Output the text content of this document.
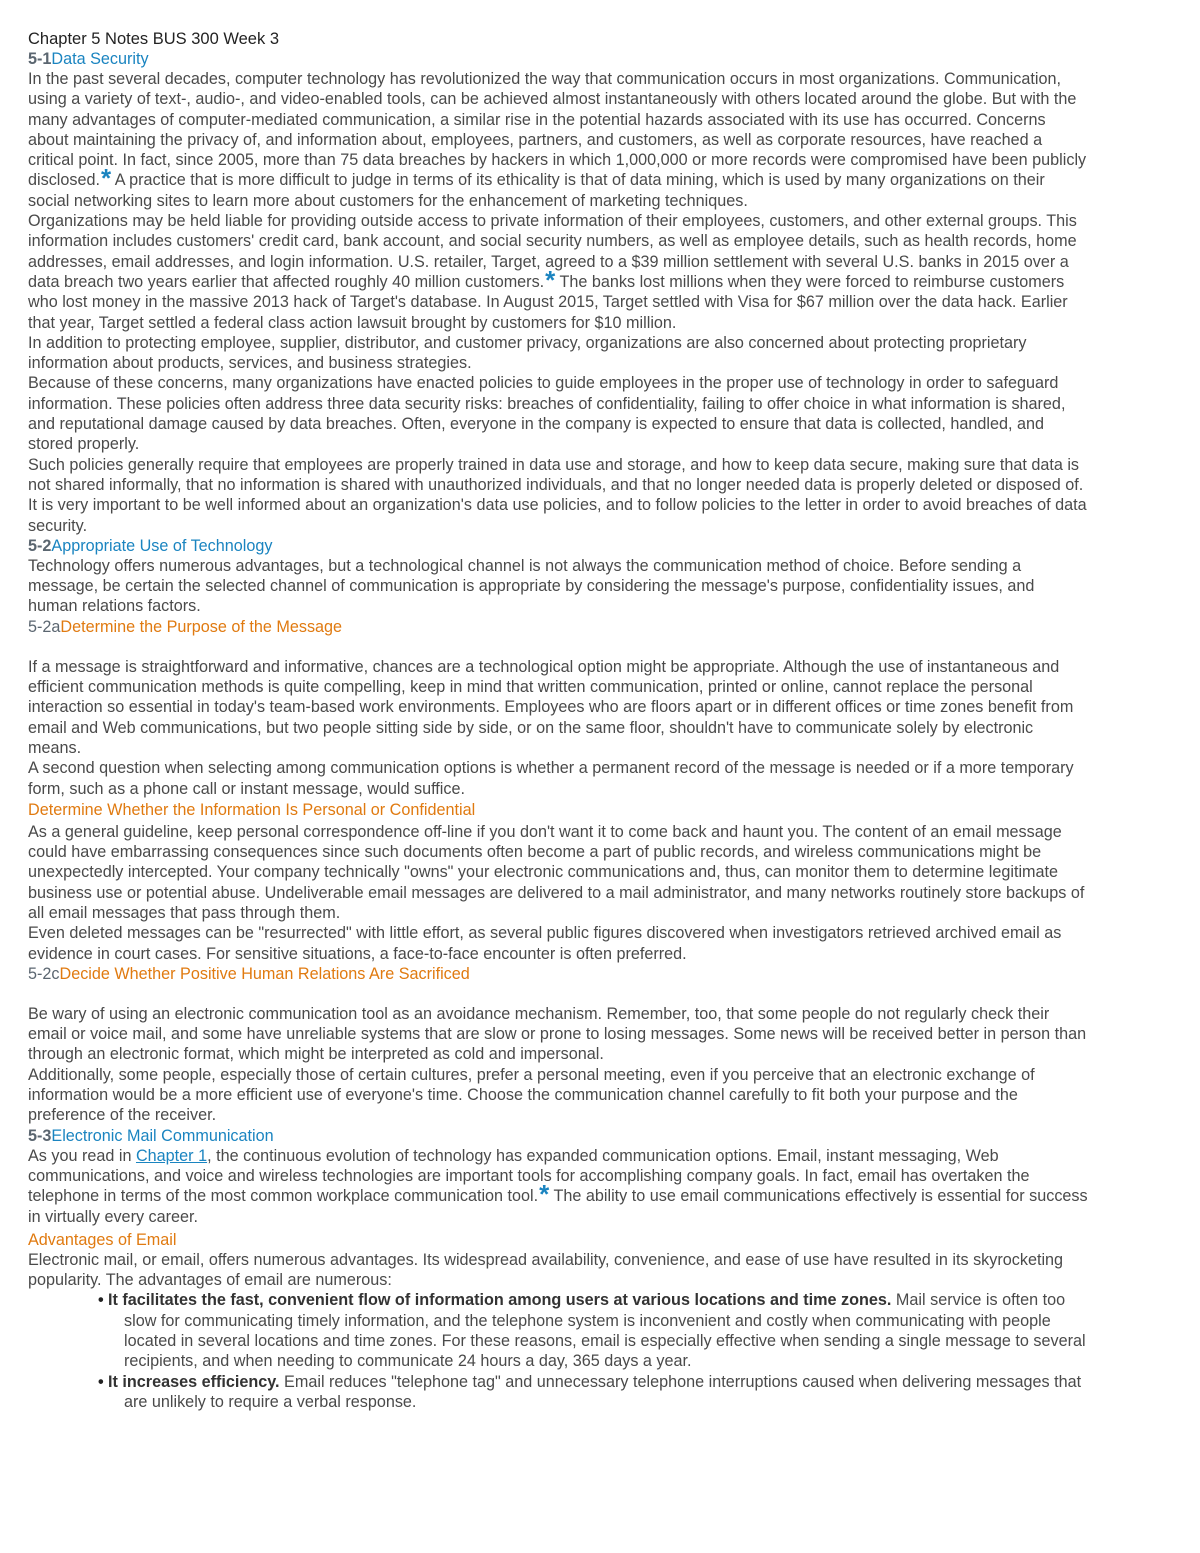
Chapter 5 Notes BUS 300 Week 3

5-1Data Security

In the past several decades, computer technology has revolutionized the way that communication occurs in most organizations. Communication, using a variety of text-, audio-, and video-enabled tools, can be achieved almost instantaneously with others located around the globe. But with the many advantages of computer-mediated communication, a similar rise in the potential hazards associated with its use has occurred. Concerns about maintaining the privacy of, and information about, employees, partners, and customers, as well as corporate resources, have reached a critical point. In fact, since 2005, more than 75 data breaches by hackers in which 1,000,000 or more records were compromised have been publicly disclosed.* A practice that is more difficult to judge in terms of its ethicality is that of data mining, which is used by many organizations on their social networking sites to learn more about customers for the enhancement of marketing techniques.

Organizations may be held liable for providing outside access to private information of their employees, customers, and other external groups. This information includes customers' credit card, bank account, and social security numbers, as well as employee details, such as health records, home addresses, email addresses, and login information. U.S. retailer, Target, agreed to a $39 million settlement with several U.S. banks in 2015 over a data breach two years earlier that affected roughly 40 million customers.* The banks lost millions when they were forced to reimburse customers who lost money in the massive 2013 hack of Target's database. In August 2015, Target settled with Visa for $67 million over the data hack. Earlier that year, Target settled a federal class action lawsuit brought by customers for $10 million.

In addition to protecting employee, supplier, distributor, and customer privacy, organizations are also concerned about protecting proprietary information about products, services, and business strategies.

Because of these concerns, many organizations have enacted policies to guide employees in the proper use of technology in order to safeguard information. These policies often address three data security risks: breaches of confidentiality, failing to offer choice in what information is shared, and reputational damage caused by data breaches. Often, everyone in the company is expected to ensure that data is collected, handled, and stored properly.

Such policies generally require that employees are properly trained in data use and storage, and how to keep data secure, making sure that data is not shared informally, that no information is shared with unauthorized individuals, and that no longer needed data is properly deleted or disposed of. It is very important to be well informed about an organization's data use policies, and to follow policies to the letter in order to avoid breaches of data security.

5-2Appropriate Use of Technology

Technology offers numerous advantages, but a technological channel is not always the communication method of choice. Before sending a message, be certain the selected channel of communication is appropriate by considering the message's purpose, confidentiality issues, and human relations factors.

5-2aDetermine the Purpose of the Message

If a message is straightforward and informative, chances are a technological option might be appropriate. Although the use of instantaneous and efficient communication methods is quite compelling, keep in mind that written communication, printed or online, cannot replace the personal interaction so essential in today's team-based work environments. Employees who are floors apart or in different offices or time zones benefit from email and Web communications, but two people sitting side by side, or on the same floor, shouldn't have to communicate solely by electronic means.

A second question when selecting among communication options is whether a permanent record of the message is needed or if a more temporary form, such as a phone call or instant message, would suffice.

Determine Whether the Information Is Personal or Confidential

As a general guideline, keep personal correspondence off-line if you don't want it to come back and haunt you. The content of an email message could have embarrassing consequences since such documents often become a part of public records, and wireless communications might be unexpectedly intercepted. Your company technically "owns" your electronic communications and, thus, can monitor them to determine legitimate business use or potential abuse. Undeliverable email messages are delivered to a mail administrator, and many networks routinely store backups of all email messages that pass through them.

Even deleted messages can be "resurrected" with little effort, as several public figures discovered when investigators retrieved archived email as evidence in court cases. For sensitive situations, a face-to-face encounter is often preferred.

5-2cDecide Whether Positive Human Relations Are Sacrificed

Be wary of using an electronic communication tool as an avoidance mechanism. Remember, too, that some people do not regularly check their email or voice mail, and some have unreliable systems that are slow or prone to losing messages. Some news will be received better in person than through an electronic format, which might be interpreted as cold and impersonal.

Additionally, some people, especially those of certain cultures, prefer a personal meeting, even if you perceive that an electronic exchange of information would be a more efficient use of everyone's time. Choose the communication channel carefully to fit both your purpose and the preference of the receiver.

5-3Electronic Mail Communication

As you read in Chapter 1, the continuous evolution of technology has expanded communication options. Email, instant messaging, Web communications, and voice and wireless technologies are important tools for accomplishing company goals. In fact, email has overtaken the telephone in terms of the most common workplace communication tool.* The ability to use email communications effectively is essential for success in virtually every career.

Advantages of Email

Electronic mail, or email, offers numerous advantages. Its widespread availability, convenience, and ease of use have resulted in its skyrocketing popularity. The advantages of email are numerous:

• It facilitates the fast, convenient flow of information among users at various locations and time zones. Mail service is often too slow for communicating timely information, and the telephone system is inconvenient and costly when communicating with people located in several locations and time zones. For these reasons, email is especially effective when sending a single message to several recipients, and when needing to communicate 24 hours a day, 365 days a year.
• It increases efficiency. Email reduces "telephone tag" and unnecessary telephone interruptions caused when delivering messages that are unlikely to require a verbal response.
